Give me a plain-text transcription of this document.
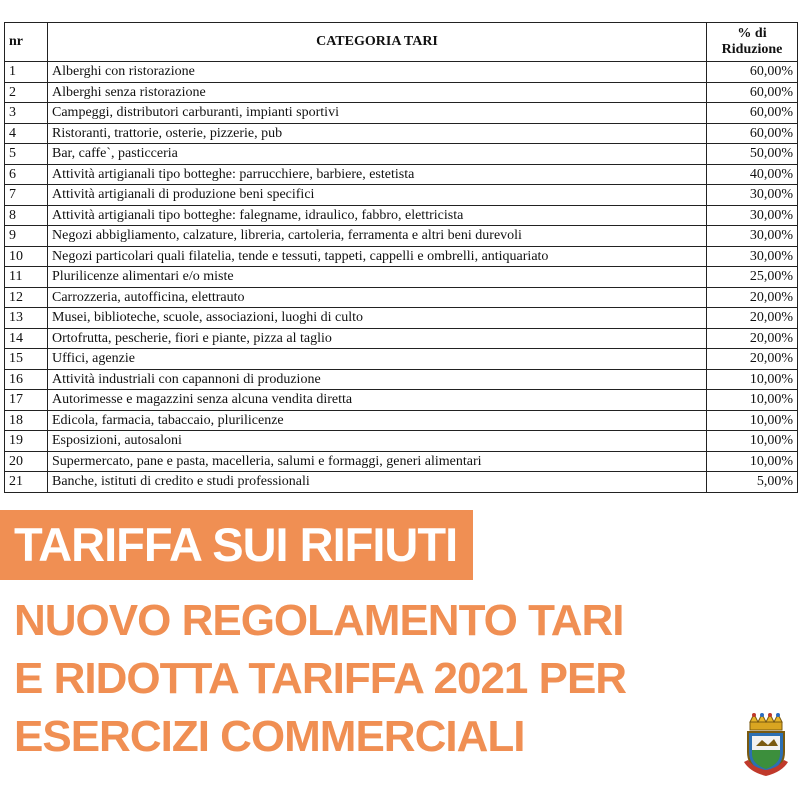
nr	CATEGORIA TARI	% di
Riduzione

1	Alberghi con ristorazione	60,00%
2	Alberghi senza ristorazione	60,00%
3	Campeggi, distributori carburanti, impianti sportivi	60,00%
4	Ristoranti, trattorie, osterie, pizzerie, pub	60,00%
5	Bar, caffe`, pasticceria	50,00%
6	Attività artigianali tipo botteghe: parrucchiere, barbiere, estetista	40,00%
7	Attività artigianali di produzione beni specifici	30,00%
8	Attività artigianali tipo botteghe: falegname, idraulico, fabbro, elettricista	30,00%
9	Negozi abbigliamento, calzature, libreria, cartoleria, ferramenta e altri beni durevoli	30,00%
10	Negozi particolari quali filatelia, tende e tessuti, tappeti, cappelli e ombrelli, antiquariato	30,00%
11	Plurilicenze alimentari e/o miste	25,00%
12	Carrozzeria, autofficina, elettrauto	20,00%
13	Musei, biblioteche, scuole, associazioni, luoghi di culto	20,00%
14	Ortofrutta, pescherie, fiori e piante, pizza al taglio	20,00%
15	Uffici, agenzie	20,00%
16	Attività industriali con capannoni di produzione	10,00%
17	Autorimesse e magazzini senza alcuna vendita diretta	10,00%
18	Edicola, farmacia, tabaccaio, plurilicenze	10,00%
19	Esposizioni, autosaloni	10,00%
20	Supermercato, pane e pasta, macelleria, salumi e formaggi, generi alimentari	10,00%
21	Banche, istituti di credito e studi professionali	5,00%
TARIFFA SUI RIFIUTI
NUOVO REGOLAMENTO TARI
E RIDOTTA TARIFFA 2021 PER
ESERCIZI COMMERCIALI
